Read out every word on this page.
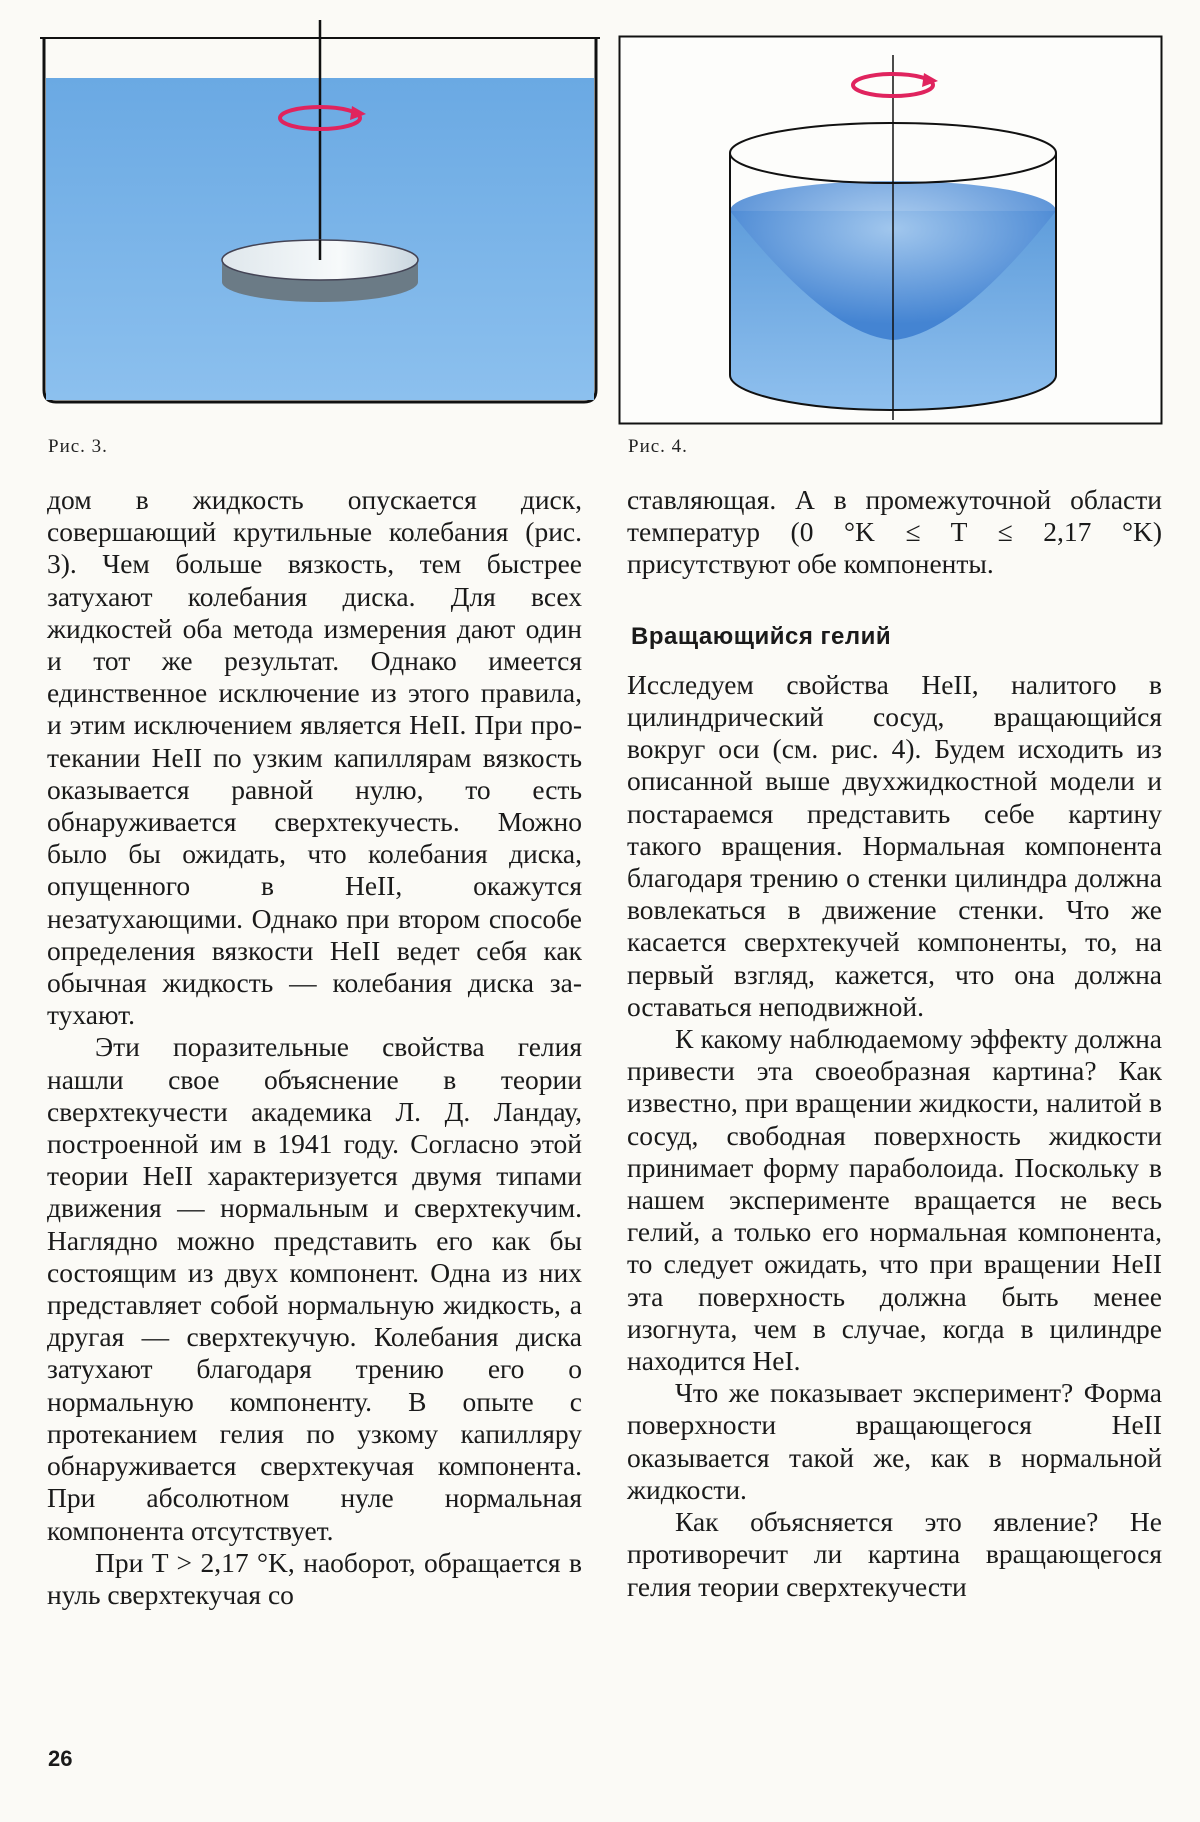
Рис. 3.	Рис. 4.

дом в жидкость опускается диск, совершающий крутильные колебания (рис. 3). Чем больше вязкость, тем быстрее затухают колебания диска. Для всех жидкостей оба метода измерения дают один и тот же результат. Однако имеется единственное исключение из этого правила, и этим исключением является HeII. При протекании HeII по узким капиллярам вязкость оказывается равной нулю, то есть обнаруживается сверхтекучесть. Можно было бы ожидать, что колебания диска, опущенного в HeII, окажутся незатухающими. Однако при втором способе определения вязкости HeII ведет себя как обычная жидкость — колебания диска затухают.

Эти поразительные свойства гелия нашли свое объяснение в теории сверхтекучести академика Л. Д. Ландау, построенной им в 1941 году. Согласно этой теории HeII характеризуется двумя типами движения — нормальным и сверхтекучим. Наглядно можно представить его как бы состоящим из двух компонент. Одна из них представляет собой нормальную жидкость, а другая — сверхтекучую. Колебания диска затухают благодаря трению его о нормальную компоненту. В опыте с протеканием гелия по узкому капилляру обнаруживается сверхтекучая компонента. При абсолютном нуле нормальная компонента отсутствует.

При T > 2,17 °K, наоборот, обращается в нуль сверхтекучая со

ставляющая. А в промежуточной области температур (0 °K ≤ T ≤ 2,17 °K) присутствуют обе компоненты.

Вращающийся гелий

Исследуем свойства HeII, налитого в цилиндрический сосуд, вращающийся вокруг оси (см. рис. 4). Будем исходить из описанной выше двухжидкостной модели и постараемся представить себе картину такого вращения. Нормальная компонента благодаря трению о стенки цилиндра должна вовлекаться в движение стенки. Что же касается сверхтекучей компоненты, то, на первый взгляд, кажется, что она должна оставаться неподвижной.

К какому наблюдаемому эффекту должна привести эта своеобразная картина? Как известно, при вращении жидкости, налитой в сосуд, свободная поверхность жидкости принимает форму параболоида. Поскольку в нашем эксперименте вращается не весь гелий, а только его нормальная компонента, то следует ожидать, что при вращении HeII эта поверхность должна быть менее изогнута, чем в случае, когда в цилиндре находится HeI.

Что же показывает эксперимент? Форма поверхности вращающегося HeII оказывается такой же, как в нормальной жидкости.

Как объясняется это явление? Не противоречит ли картина вращающегося гелия теории сверхтекучести

26
